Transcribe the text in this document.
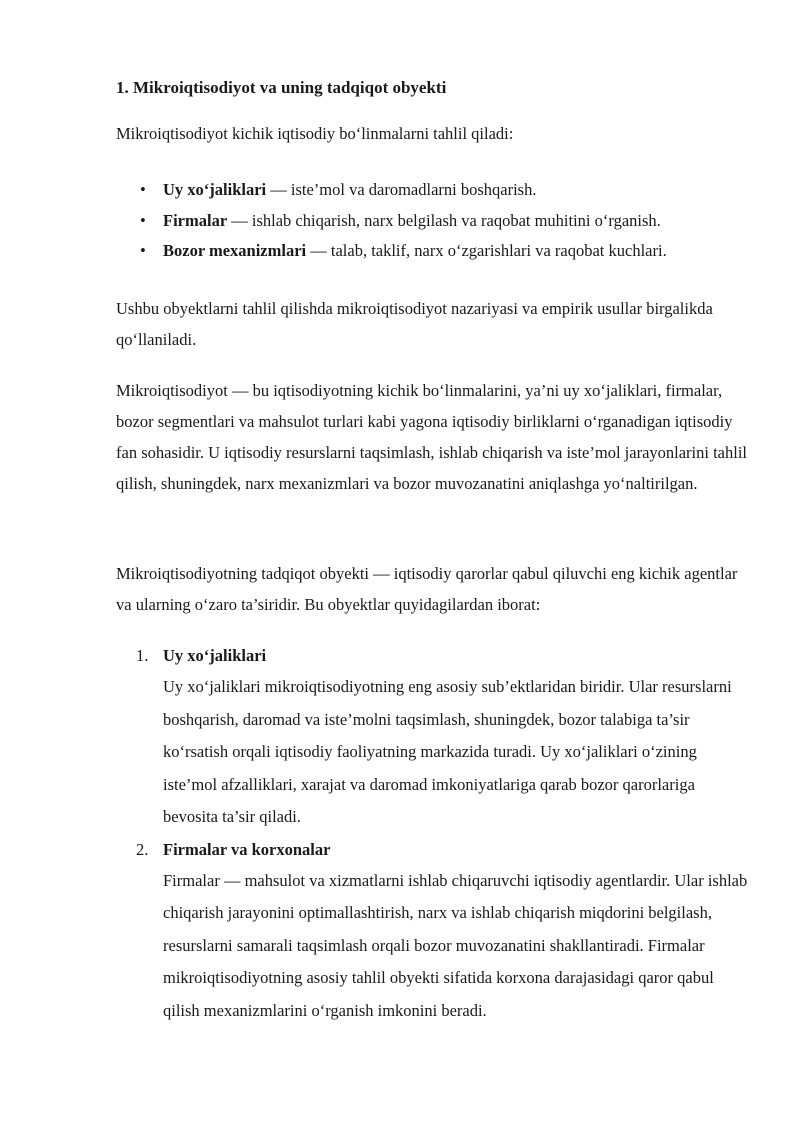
1. Mikroiqtisodiyot va uning tadqiqot obyekti

Mikroiqtisodiyot kichik iqtisodiy bo‘linmalarni tahlil qiladi:

• Uy xo‘jaliklari — iste’mol va daromadlarni boshqarish.
• Firmalar — ishlab chiqarish, narx belgilash va raqobat muhitini o‘rganish.
• Bozor mexanizmlari — talab, taklif, narx o‘zgarishlari va raqobat kuchlari.

Ushbu obyektlarni tahlil qilishda mikroiqtisodiyot nazariyasi va empirik usullar birgalikda qo‘llaniladi.

Mikroiqtisodiyot — bu iqtisodiyotning kichik bo‘linmalarini, ya’ni uy xo‘jaliklari, firmalar, bozor segmentlari va mahsulot turlari kabi yagona iqtisodiy birliklarni o‘rganadigan iqtisodiy fan sohasidir. U iqtisodiy resurslarni taqsimlash, ishlab chiqarish va iste’mol jarayonlarini tahlil qilish, shuningdek, narx mexanizmlari va bozor muvozanatini aniqlashga yo‘naltirilgan.

Mikroiqtisodiyotning tadqiqot obyekti — iqtisodiy qarorlar qabul qiluvchi eng kichik agentlar va ularning o‘zaro ta’siridir. Bu obyektlar quyidagilardan iborat:

1. Uy xo‘jaliklari
Uy xo‘jaliklari mikroiqtisodiyotning eng asosiy sub’ektlaridan biridir. Ular resurslarni boshqarish, daromad va iste’molni taqsimlash, shuningdek, bozor talabiga ta’sir ko‘rsatish orqali iqtisodiy faoliyatning markazida turadi. Uy xo‘jaliklari o‘zining iste’mol afzalliklari, xarajat va daromad imkoniyatlariga qarab bozor qarorlariga bevosita ta’sir qiladi.
2. Firmalar va korxonalar
Firmalar — mahsulot va xizmatlarni ishlab chiqaruvchi iqtisodiy agentlardir. Ular ishlab chiqarish jarayonini optimallashtirish, narx va ishlab chiqarish miqdorini belgilash, resurslarni samarali taqsimlash orqali bozor muvozanatini shakllantiradi. Firmalar mikroiqtisodiyotning asosiy tahlil obyekti sifatida korxona darajasidagi qaror qabul qilish mexanizmlarini o‘rganish imkonini beradi.
